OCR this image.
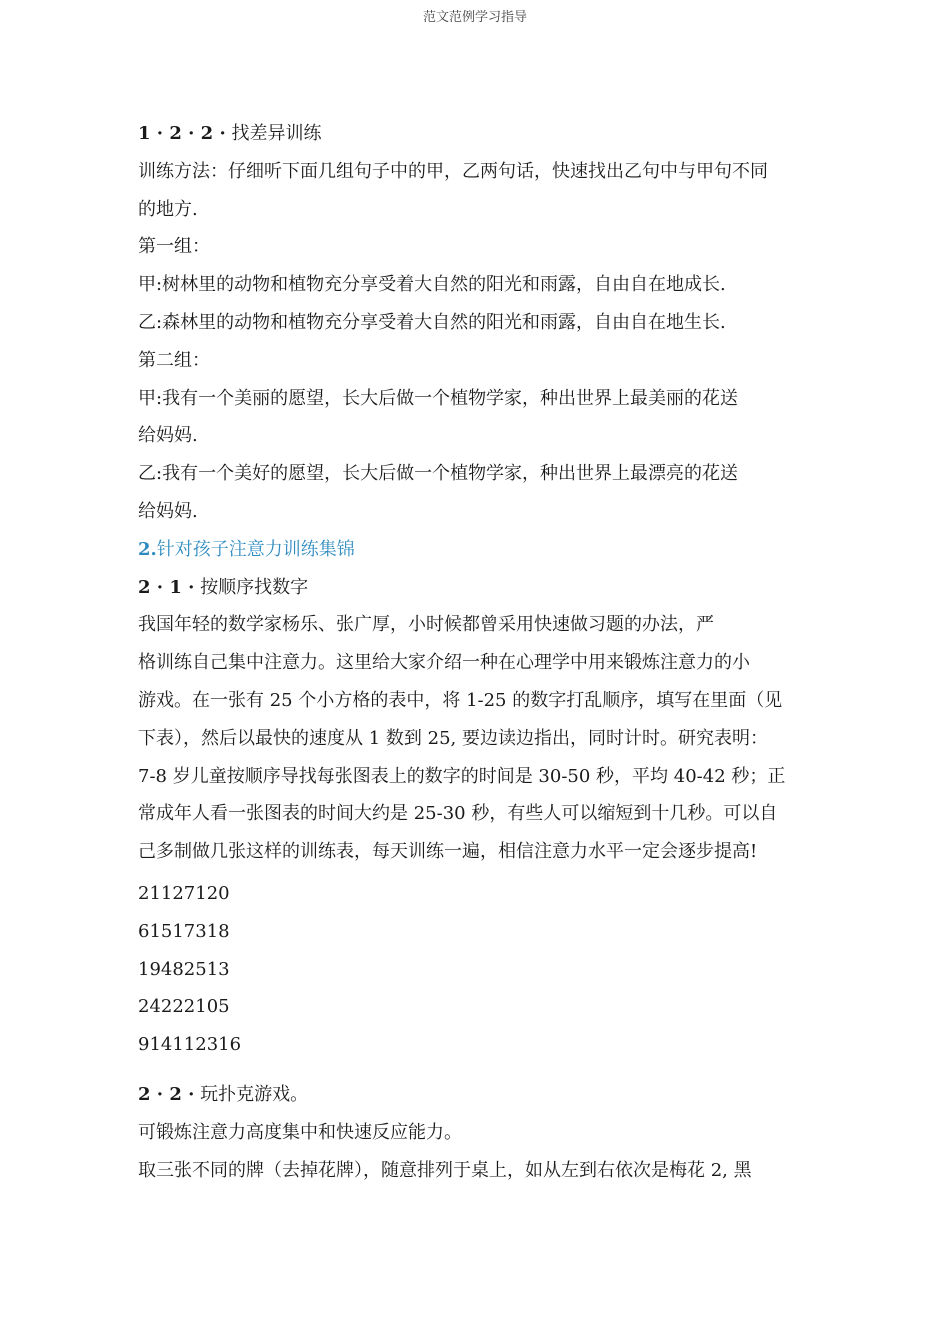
范文范例学习指导
1 · 2 · 2 · 找差异训练
训练方法：仔细听下面几组句子中的甲，乙两句话，快速找出乙句中与甲句不同
的地方.
第一组：
甲:树林里的动物和植物充分享受着大自然的阳光和雨露，自由自在地成长.
乙:森林里的动物和植物充分享受着大自然的阳光和雨露，自由自在地生长.
第二组：
甲:我有一个美丽的愿望，长大后做一个植物学家，种出世界上最美丽的花送
给妈妈.
乙:我有一个美好的愿望，长大后做一个植物学家，种出世界上最漂亮的花送
给妈妈.
2.针对孩子注意力训练集锦
2 · 1 · 按顺序找数字
我国年轻的数学家杨乐、张广厚，小时候都曾采用快速做习题的办法，严
格训练自己集中注意力。这里给大家介绍一种在心理学中用来锻炼注意力的小
游戏。在一张有 25 个小方格的表中，将 1-25 的数字打乱顺序，填写在里面（见
下表），然后以最快的速度从 1 数到 25, 要边读边指出，同时计时。研究表明：
7-8 岁儿童按顺序导找每张图表上的数字的时间是 30-50 秒，平均 40-42 秒；正
常成年人看一张图表的时间大约是 25-30 秒，有些人可以缩短到十几秒。可以自
己多制做几张这样的训练表，每天训练一遍，相信注意力水平一定会逐步提高!
21127120
61517318
19482513
24222105
914112316
2 · 2 · 玩扑克游戏。
可锻炼注意力高度集中和快速反应能力。
取三张不同的牌（去掉花牌），随意排列于桌上，如从左到右依次是梅花 2, 黑
